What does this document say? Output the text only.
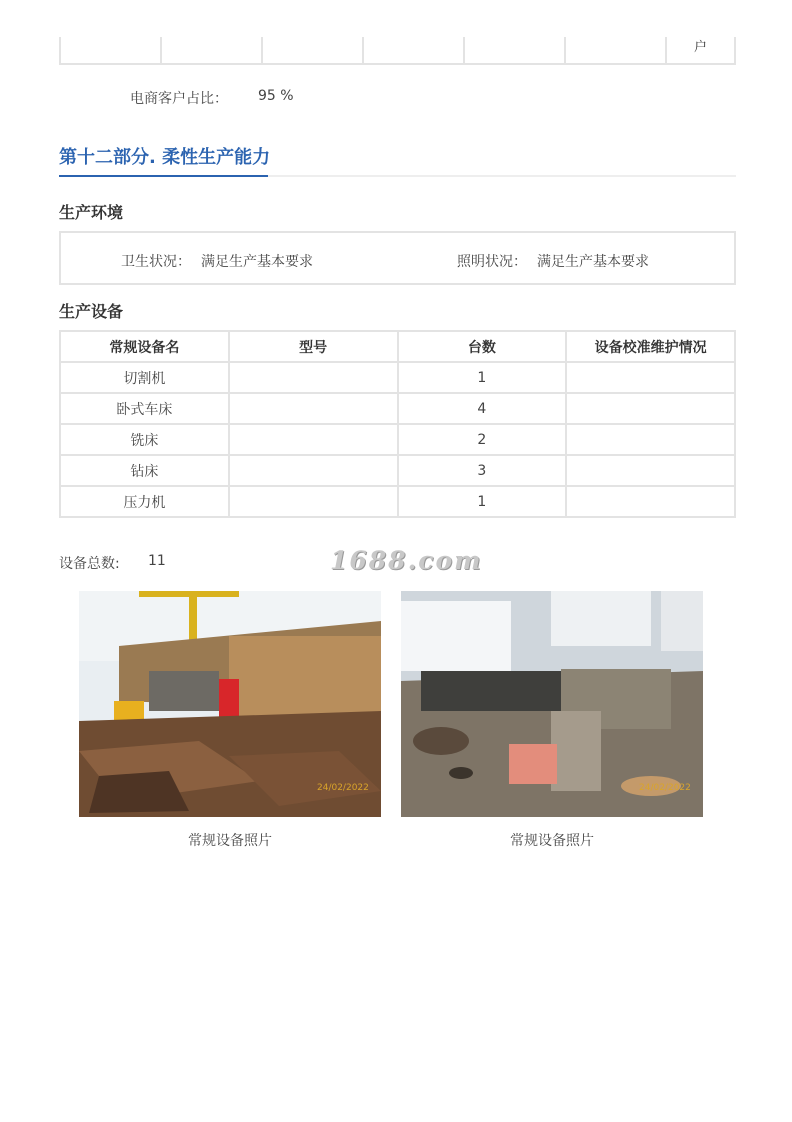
户
电商客户占比： 95 %
第十二部分. 柔性生产能力
生产环境
卫生状况： 满足生产基本要求	照明状况： 满足生产基本要求
生产设备
常规设备名	型号	台数	设备校准维护情况
切割机		1	
卧式车床		4	
铣床		2	
钻床		3	
压力机		1	
设备总数: 11	1688.com
24/02/2022
常规设备照片
24/02/2022
常规设备照片
